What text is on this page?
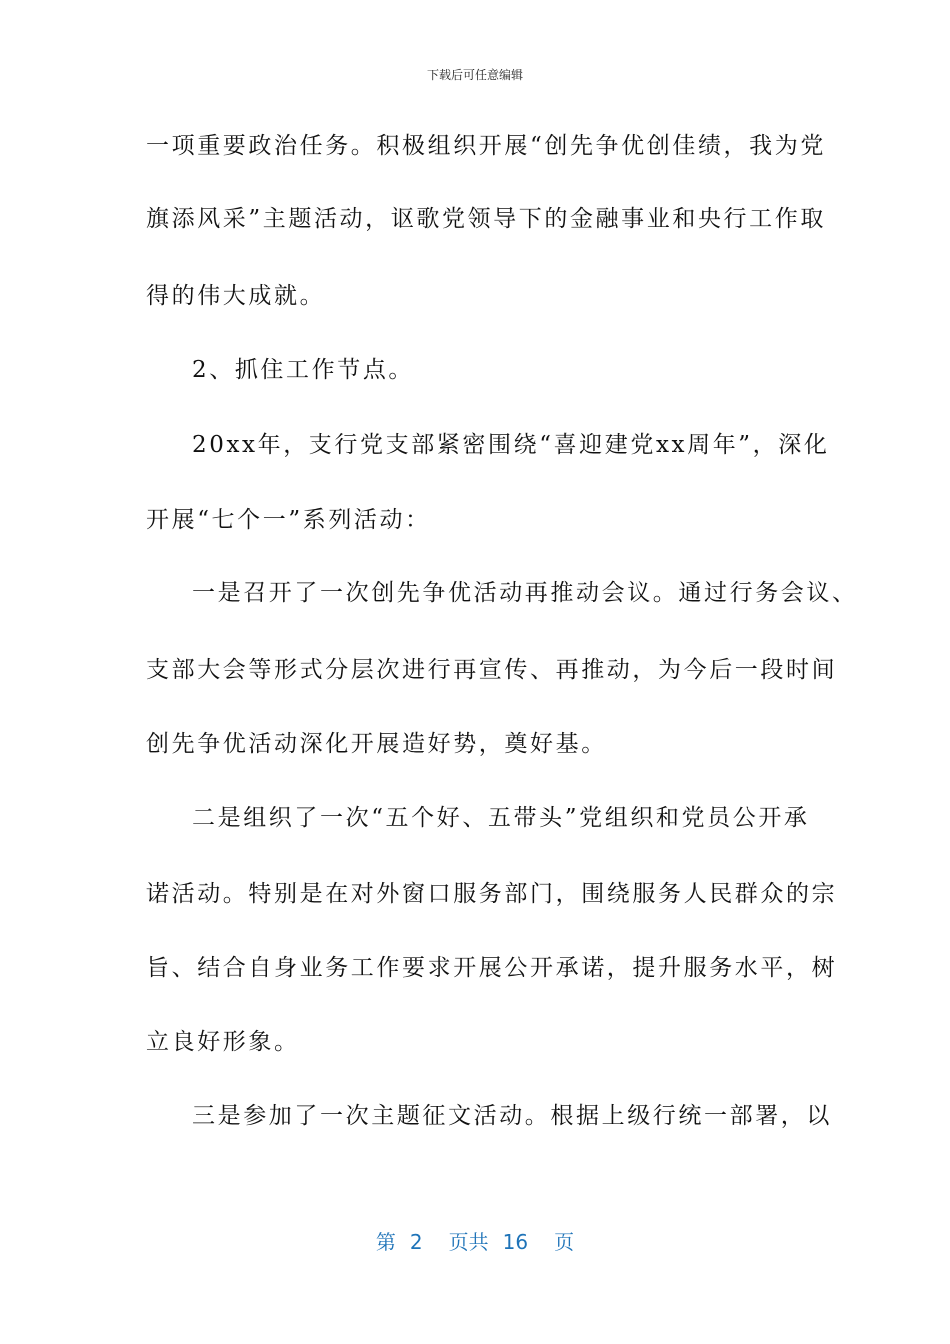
下载后可任意编辑
一项重要政治任务。积极组织开展“创先争优创佳绩，我为党
旗添风采”主题活动，讴歌党领导下的金融事业和央行工作取
得的伟大成就。
2、抓住工作节点。
20xx年，支行党支部紧密围绕“喜迎建党xx周年”，深化
开展“七个一”系列活动：
一是召开了一次创先争优活动再推动会议。通过行务会议、
支部大会等形式分层次进行再宣传、再推动，为今后一段时间
创先争优活动深化开展造好势，奠好基。
二是组织了一次“五个好、五带头”党组织和党员公开承
诺活动。特别是在对外窗口服务部门，围绕服务人民群众的宗
旨、结合自身业务工作要求开展公开承诺，提升服务水平，树
立良好形象。
三是参加了一次主题征文活动。根据上级行统一部署，以
第 2 页共 16 页
